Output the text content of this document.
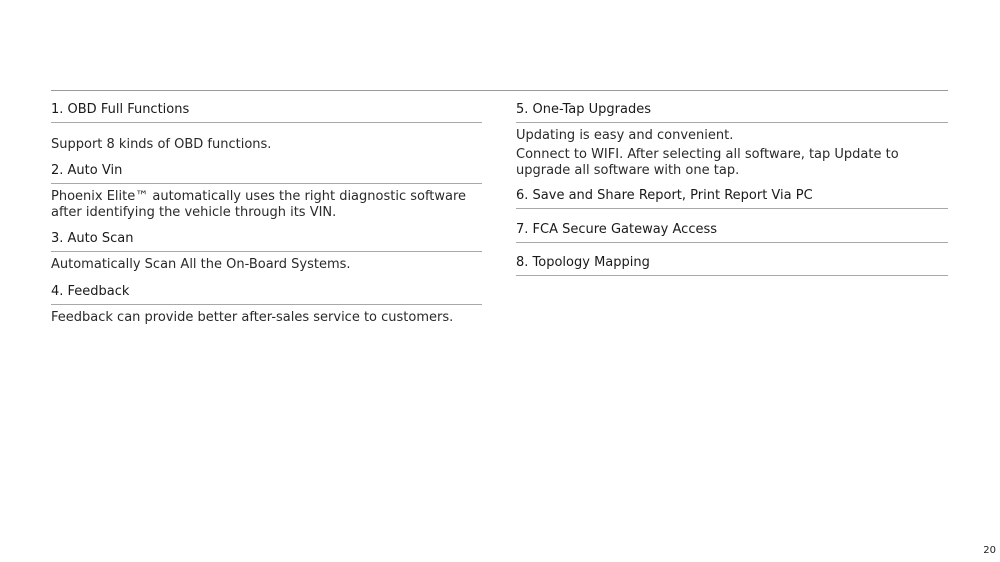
1. OBD Full Functions

Support 8 kinds of OBD functions.

2. Auto Vin

Phoenix Elite™ automatically uses the right diagnostic software after identifying the vehicle through its VIN.

3. Auto Scan

Automatically Scan All the On-Board Systems.

4. Feedback

Feedback can provide better after-sales service to customers.

5. One-Tap Upgrades

Updating is easy and convenient.

Connect to WIFI. After selecting all software, tap Update to upgrade all software with one tap.

6. Save and Share Report, Print Report Via PC
7. FCA Secure Gateway Access
8. Topology Mapping
20
